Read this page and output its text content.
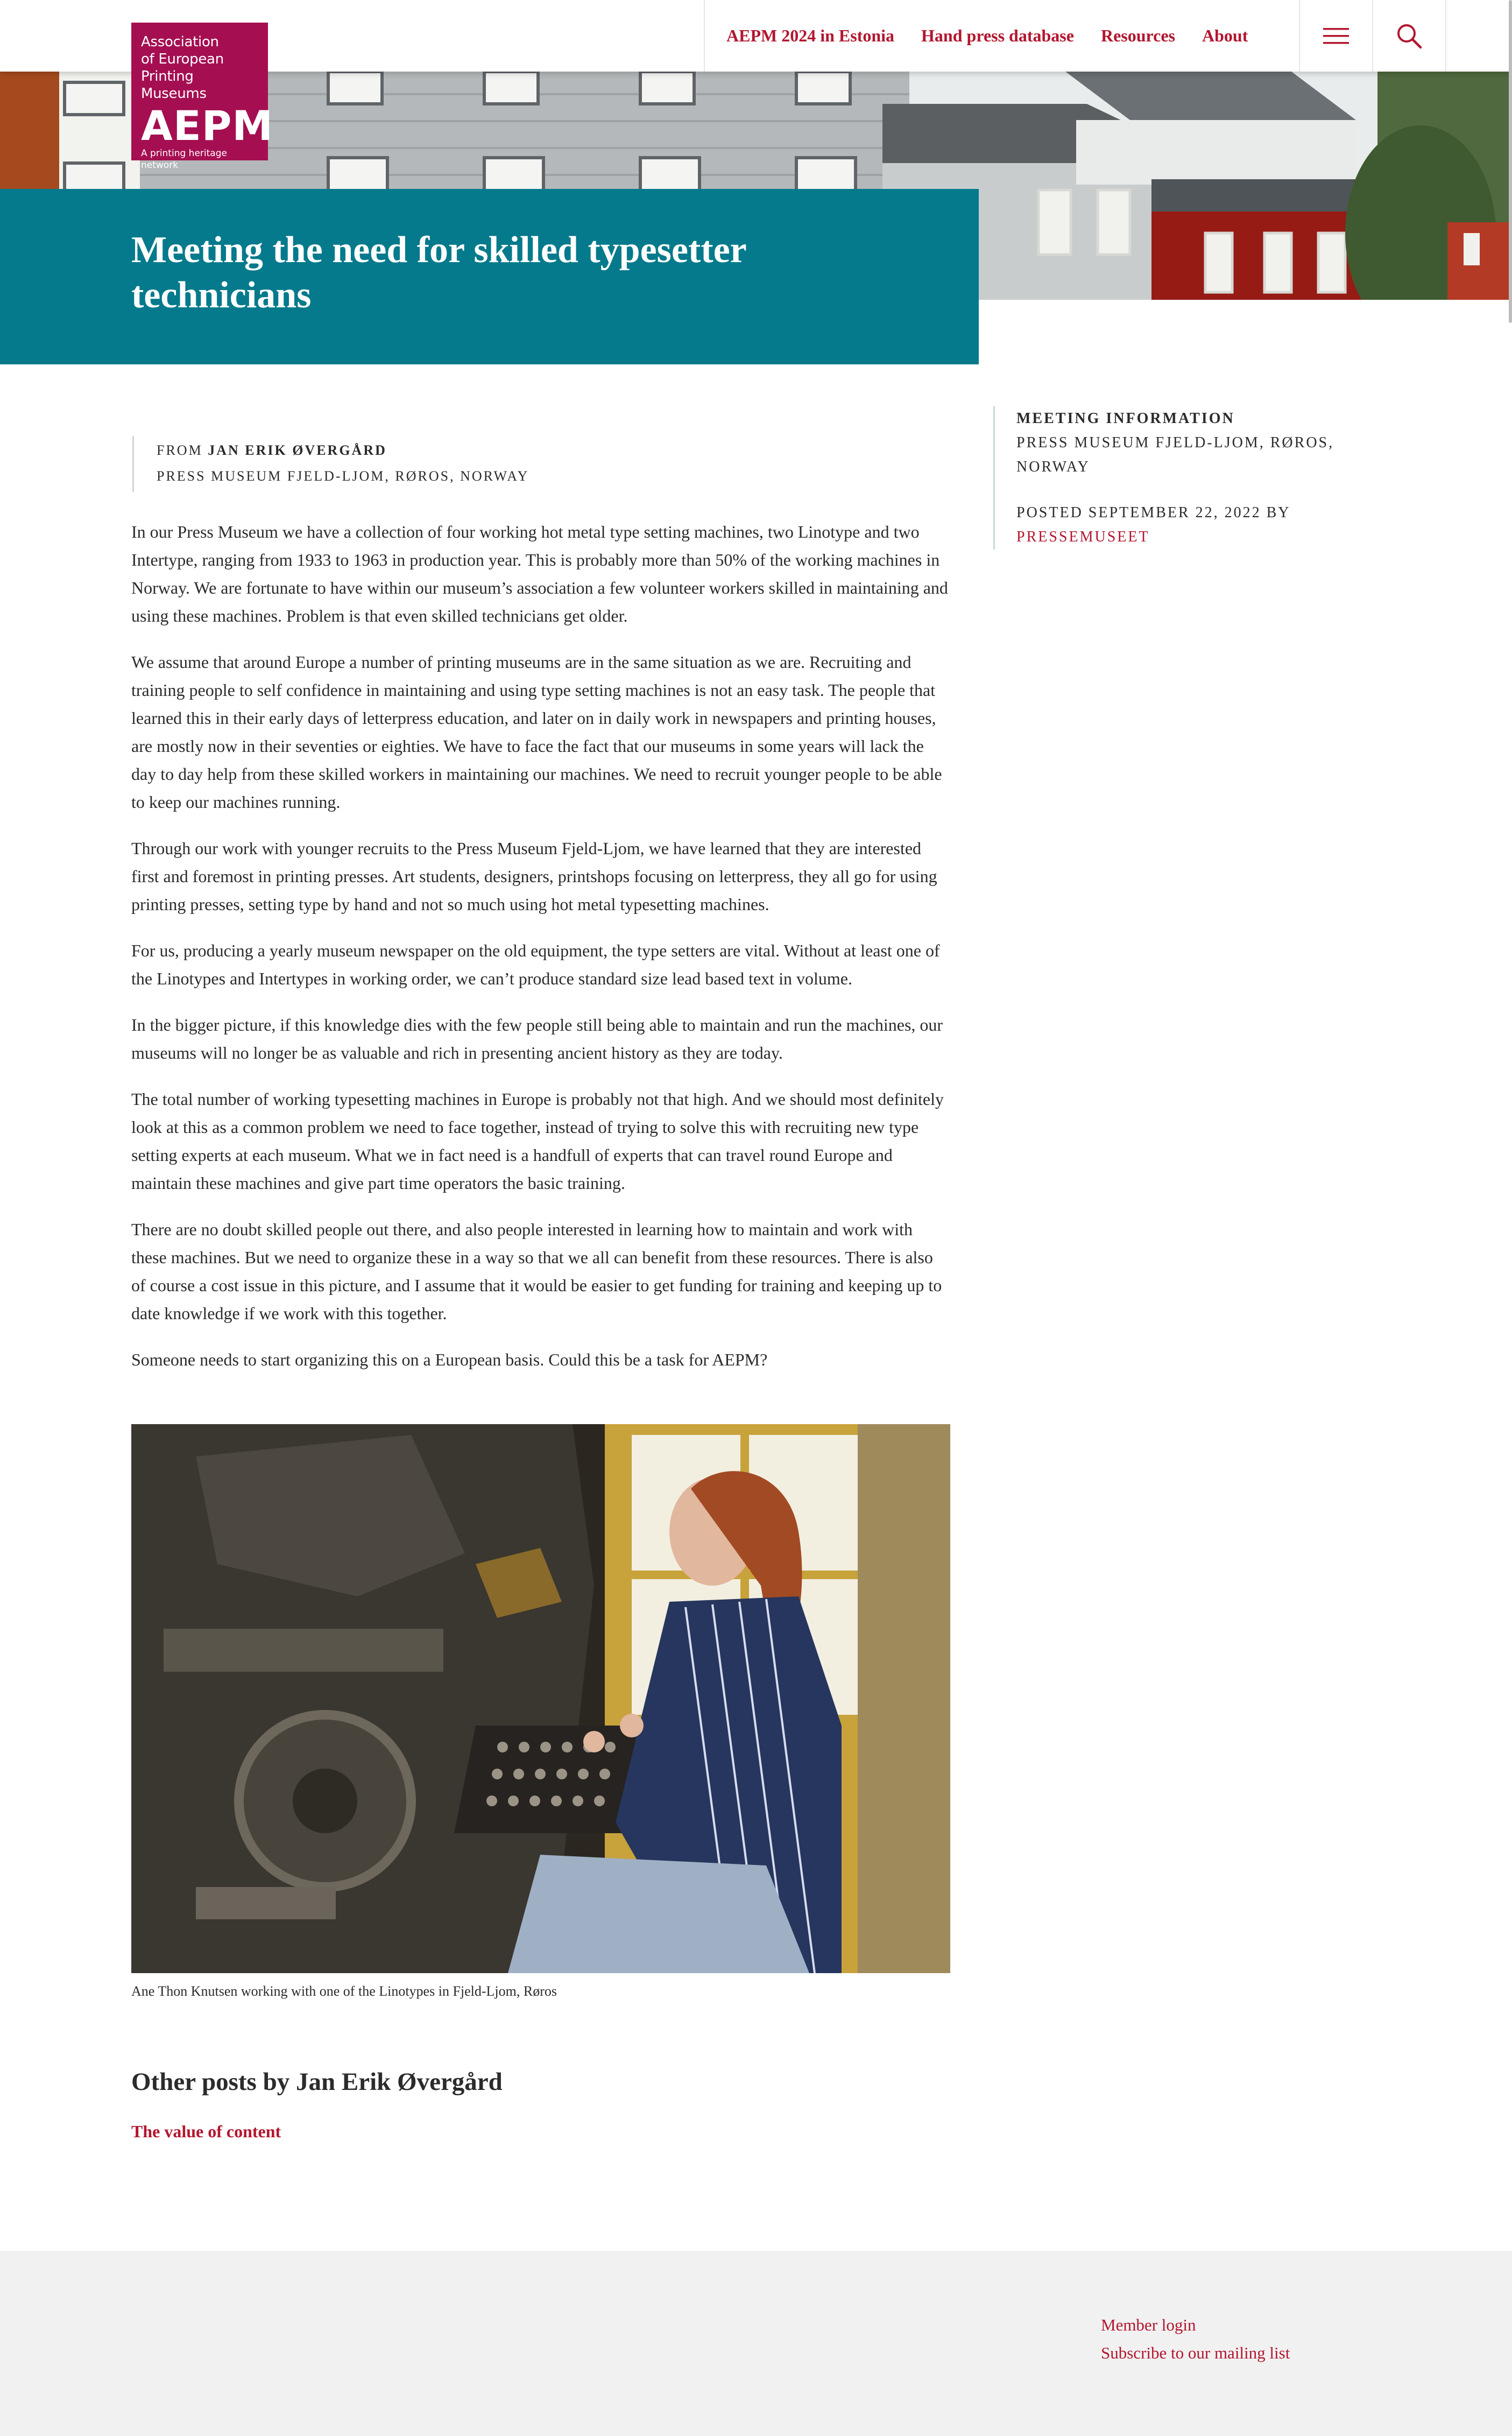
AEPM 2024 in Estonia Hand press database Resources About
Association
of European
Printing Museums
AEPM
A printing heritage network
Meeting the need for skilled typesetter technicians
FROM JAN ERIK ØVERGÅRD
PRESS MUSEUM FJELD-LJOM, RØROS, NORWAY
MEETING INFORMATION
PRESS MUSEUM FJELD-LJOM, RØROS, NORWAY
POSTED SEPTEMBER 22, 2022 BY
PRESSEMUSEET

In our Press Museum we have a collection of four working hot metal type setting machines, two Linotype and two Intertype, ranging from 1933 to 1963 in production year. This is probably more than 50% of the working machines in Norway. We are fortunate to have within our museum’s association a few volunteer workers skilled in maintaining and using these machines. Problem is that even skilled technicians get older.

We assume that around Europe a number of printing museums are in the same situation as we are. Recruiting and training people to self confidence in maintaining and using type setting machines is not an easy task. The people that learned this in their early days of letterpress education, and later on in daily work in newspapers and printing houses, are mostly now in their seventies or eighties. We have to face the fact that our museums in some years will lack the day to day help from these skilled workers in maintaining our machines. We need to recruit younger people to be able to keep our machines running.

Through our work with younger recruits to the Press Museum Fjeld-Ljom, we have learned that they are interested first and foremost in printing presses. Art students, designers, printshops focusing on letterpress, they all go for using printing presses, setting type by hand and not so much using hot metal typesetting machines.

For us, producing a yearly museum newspaper on the old equipment, the type setters are vital. Without at least one of the Linotypes and Intertypes in working order, we can’t produce standard size lead based text in volume.

In the bigger picture, if this knowledge dies with the few people still being able to maintain and run the machines, our museums will no longer be as valuable and rich in presenting ancient history as they are today.

The total number of working typesetting machines in Europe is probably not that high. And we should most definitely look at this as a common problem we need to face together, instead of trying to solve this with recruiting new type setting experts at each museum. What we in fact need is a handfull of experts that can travel round Europe and maintain these machines and give part time operators the basic training.

There are no doubt skilled people out there, and also people interested in learning how to maintain and work with these machines. But we need to organize these in a way so that we all can benefit from these resources. There is also of course a cost issue in this picture, and I assume that it would be easier to get funding for training and keeping up to date knowledge if we work with this together.

Someone needs to start organizing this on a European basis. Could this be a task for AEPM?

Ane Thon Knutsen working with one of the Linotypes in Fjeld-Ljom, Røros
Other posts by Jan Erik Øvergård
The value of content
Member login
Subscribe to our mailing list
